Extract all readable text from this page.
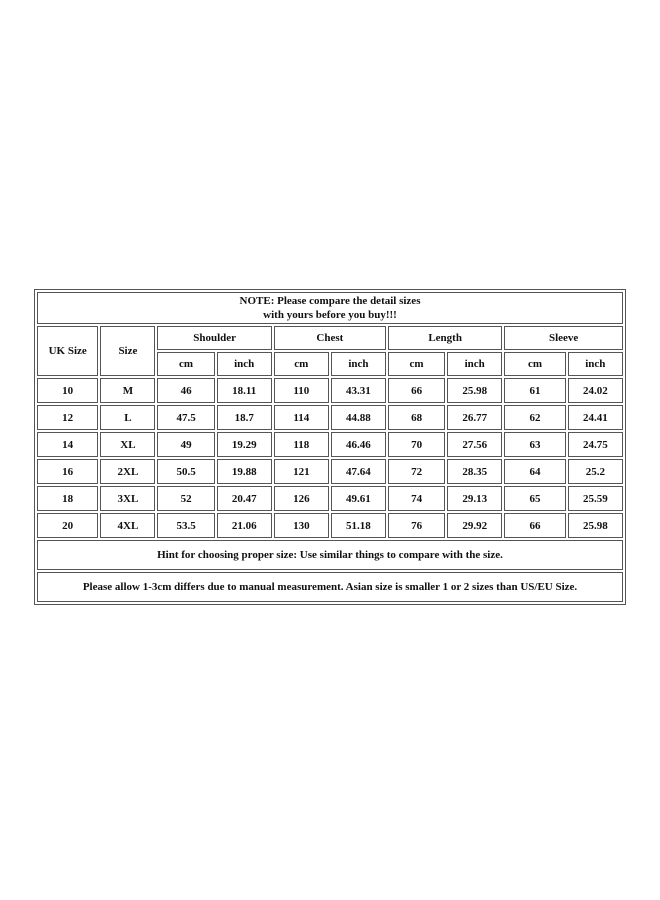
NOTE: Please compare the detail sizes
with yours before you buy!!!									

UK Size	Size	Shoulder		Chest		Length		Sleeve	
		cm	inch	cm	inch	cm	inch	cm	inch
10	M	46	18.11	110	43.31	66	25.98	61	24.02
12	L	47.5	18.7	114	44.88	68	26.77	62	24.41
14	XL	49	19.29	118	46.46	70	27.56	63	24.75
16	2XL	50.5	19.88	121	47.64	72	28.35	64	25.2
18	3XL	52	20.47	126	49.61	74	29.13	65	25.59
20	4XL	53.5	21.06	130	51.18	76	29.92	66	25.98
Hint for choosing proper size: Use similar things to compare with the size.									
Please allow 1-3cm differs due to manual measurement. Asian size is smaller 1 or 2 sizes than US/EU Size.									
